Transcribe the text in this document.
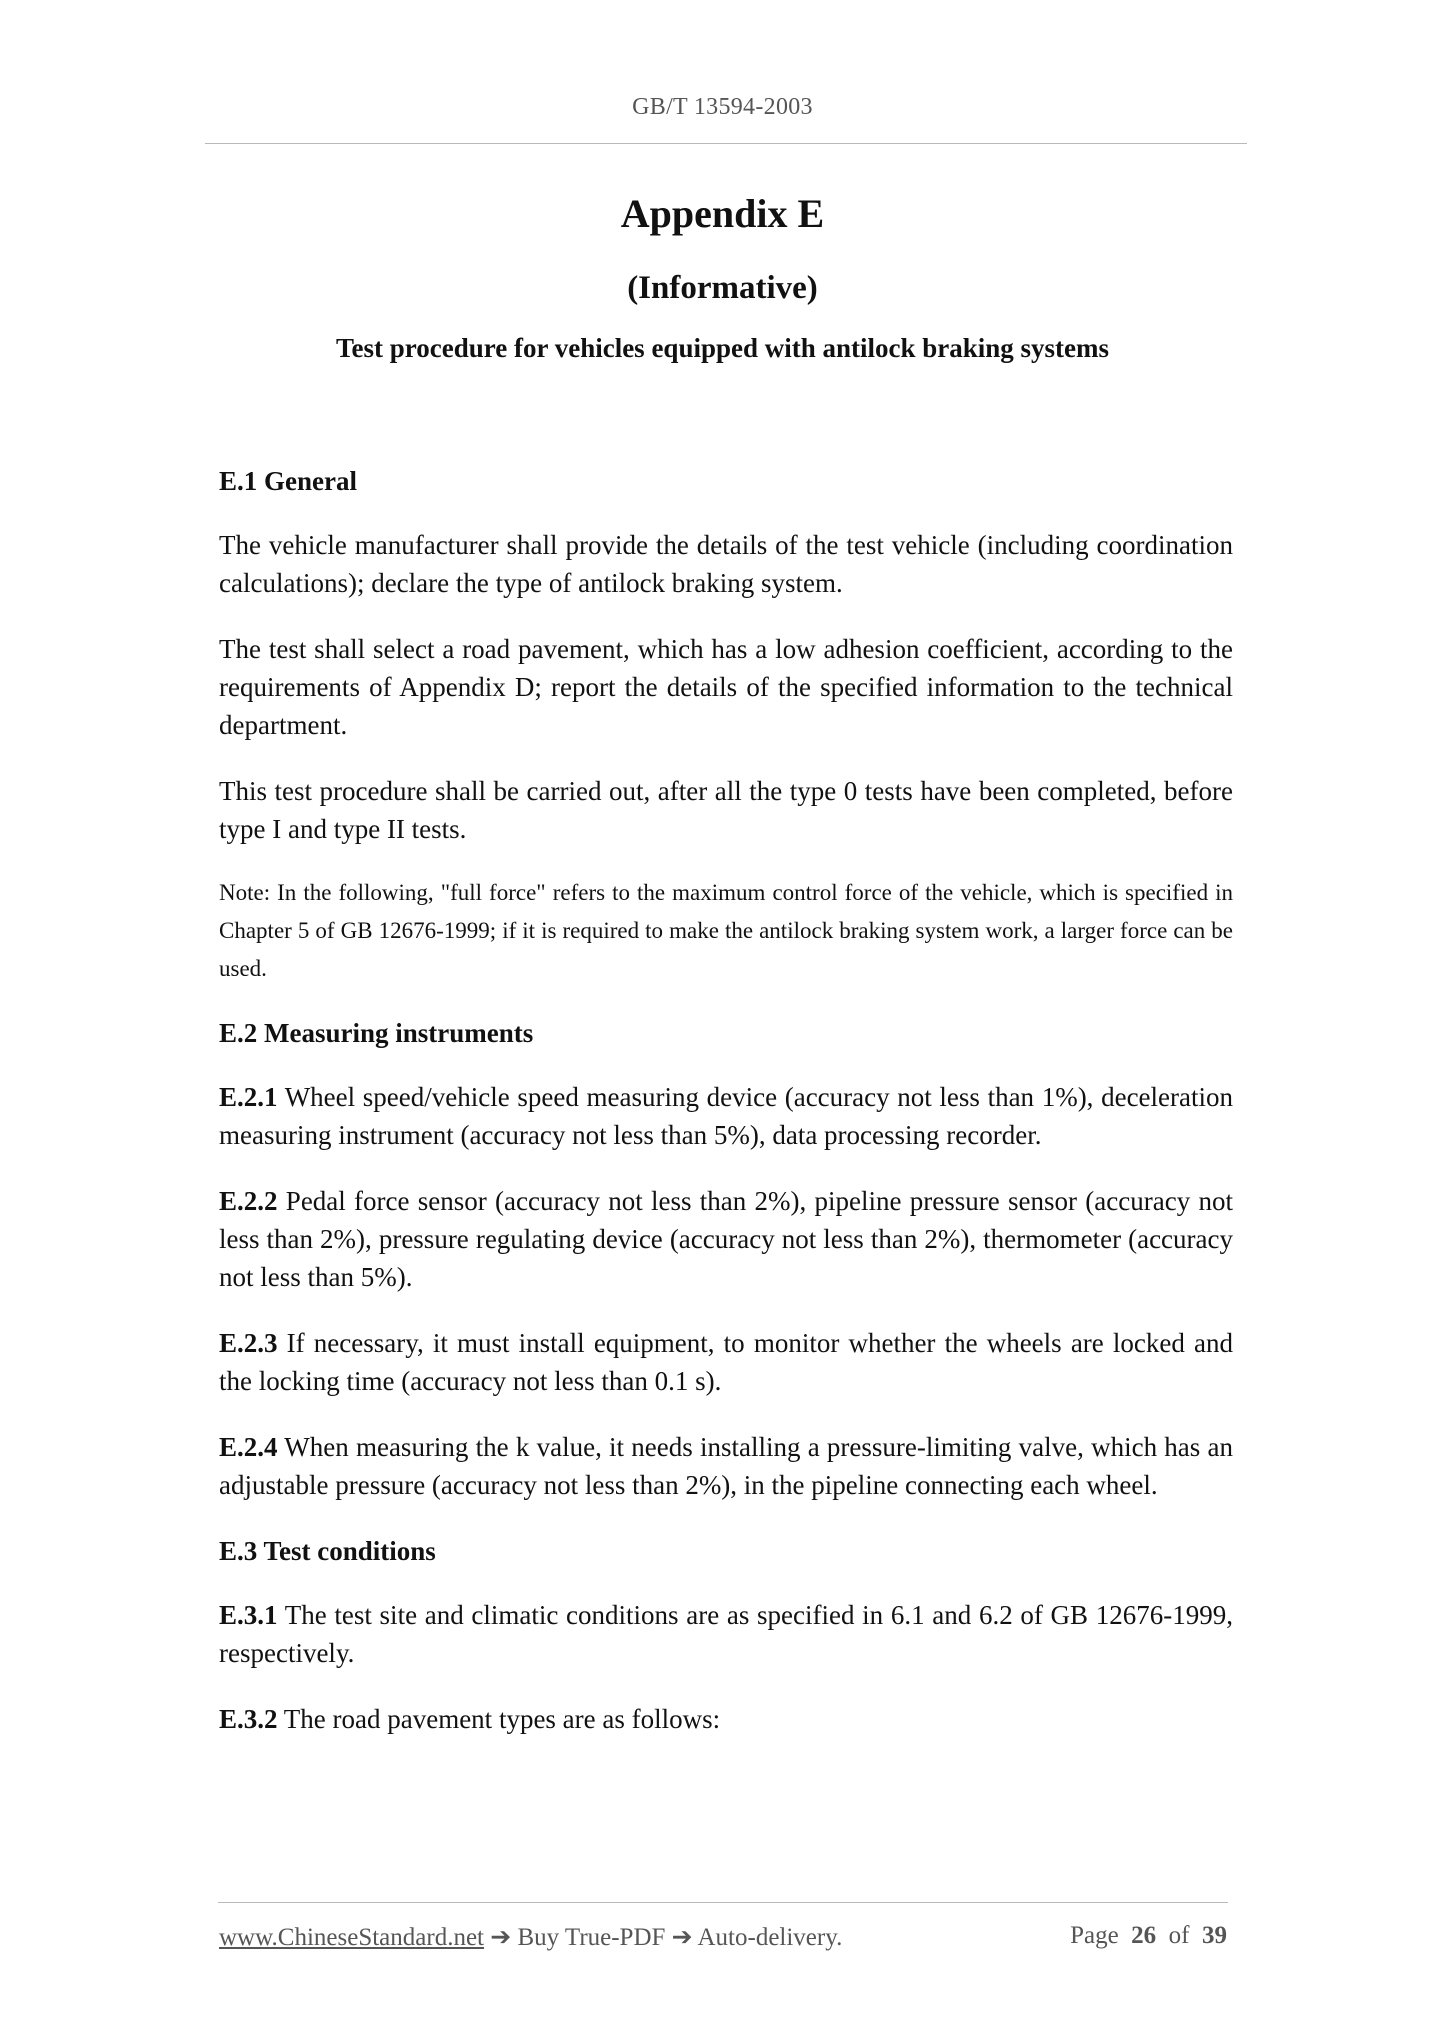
GB/T 13594-2003
Appendix E
(Informative)
Test procedure for vehicles equipped with antilock braking systems
E.1 General

The vehicle manufacturer shall provide the details of the test vehicle (including coordination calculations); declare the type of antilock braking system.

The test shall select a road pavement, which has a low adhesion coefficient, according to the requirements of Appendix D; report the details of the specified information to the technical department.

This test procedure shall be carried out, after all the type 0 tests have been completed, before type I and type II tests.

Note: In the following, "full force" refers to the maximum control force of the vehicle, which is specified in Chapter 5 of GB 12676-1999; if it is required to make the antilock braking system work, a larger force can be used.

E.2 Measuring instruments

E.2.1 Wheel speed/vehicle speed measuring device (accuracy not less than 1%), deceleration measuring instrument (accuracy not less than 5%), data processing recorder.

E.2.2 Pedal force sensor (accuracy not less than 2%), pipeline pressure sensor (accuracy not less than 2%), pressure regulating device (accuracy not less than 2%), thermometer (accuracy not less than 5%).

E.2.3 If necessary, it must install equipment, to monitor whether the wheels are locked and the locking time (accuracy not less than 0.1 s).

E.2.4 When measuring the k value, it needs installing a pressure-limiting valve, which has an adjustable pressure (accuracy not less than 2%), in the pipeline connecting each wheel.

E.3 Test conditions

E.3.1 The test site and climatic conditions are as specified in 6.1 and 6.2 of GB 12676-1999, respectively.

E.3.2 The road pavement types are as follows:

www.ChineseStandard.net ➔ Buy True-PDF ➔ Auto-delivery.	Page 26 of 39
